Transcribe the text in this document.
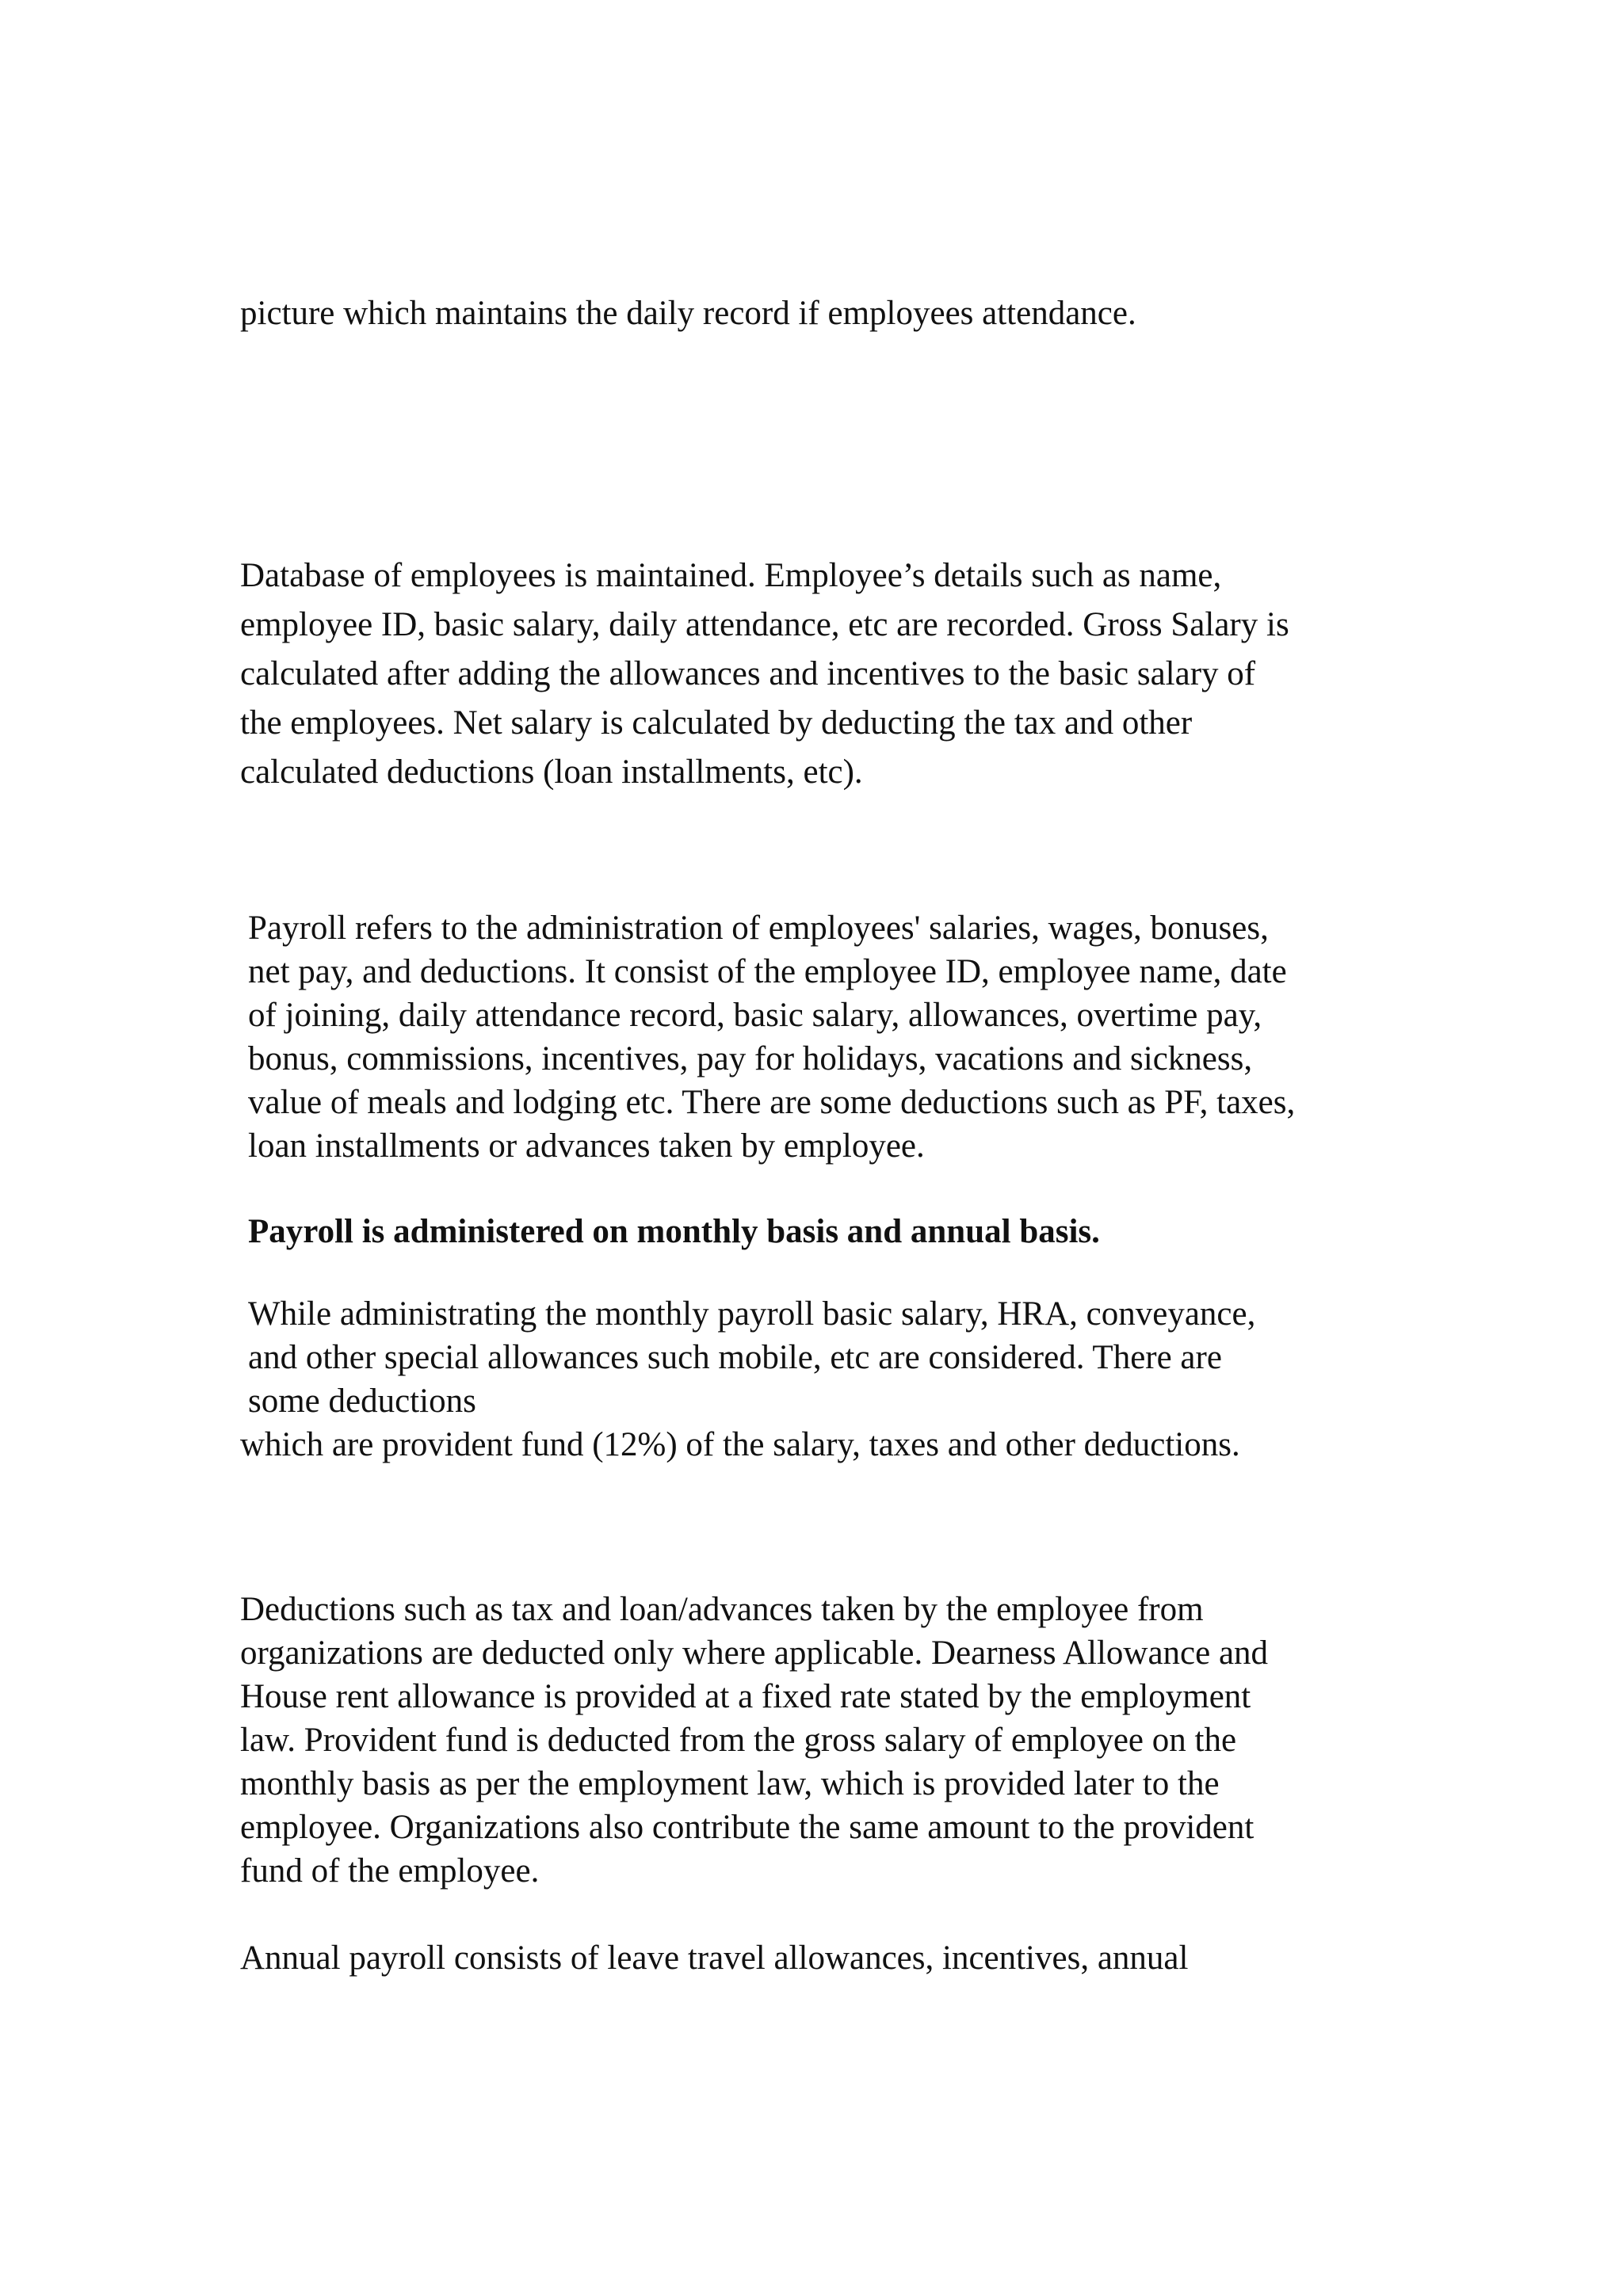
picture which maintains the daily record if employees attendance.

Database of employees is maintained. Employee’s details such as name,

employee ID, basic salary, daily attendance, etc are recorded. Gross Salary is

calculated after adding the allowances and incentives to the basic salary of

the employees. Net salary is calculated by deducting the tax and other

calculated deductions (loan installments, etc).

Payroll refers to the administration of employees' salaries, wages, bonuses,

net pay, and deductions. It consist of the employee ID, employee name, date

of joining, daily attendance record, basic salary, allowances, overtime pay,

bonus, commissions, incentives, pay for holidays, vacations and sickness,

value of meals and lodging etc. There are some deductions such as PF, taxes,

loan installments or advances taken by employee.

Payroll is administered on monthly basis and annual basis.

While administrating the monthly payroll basic salary, HRA, conveyance,

and other special allowances such mobile, etc are considered. There are

some deductions

which are provident fund (12%) of the salary, taxes and other deductions.

Deductions such as tax and loan/advances taken by the employee from

organizations are deducted only where applicable. Dearness Allowance and

House rent allowance is provided at a fixed rate stated by the employment

law. Provident fund is deducted from the gross salary of employee on the

monthly basis as per the employment law, which is provided later to the

employee. Organizations also contribute the same amount to the provident

fund of the employee.

Annual payroll consists of leave travel allowances, incentives, annual
